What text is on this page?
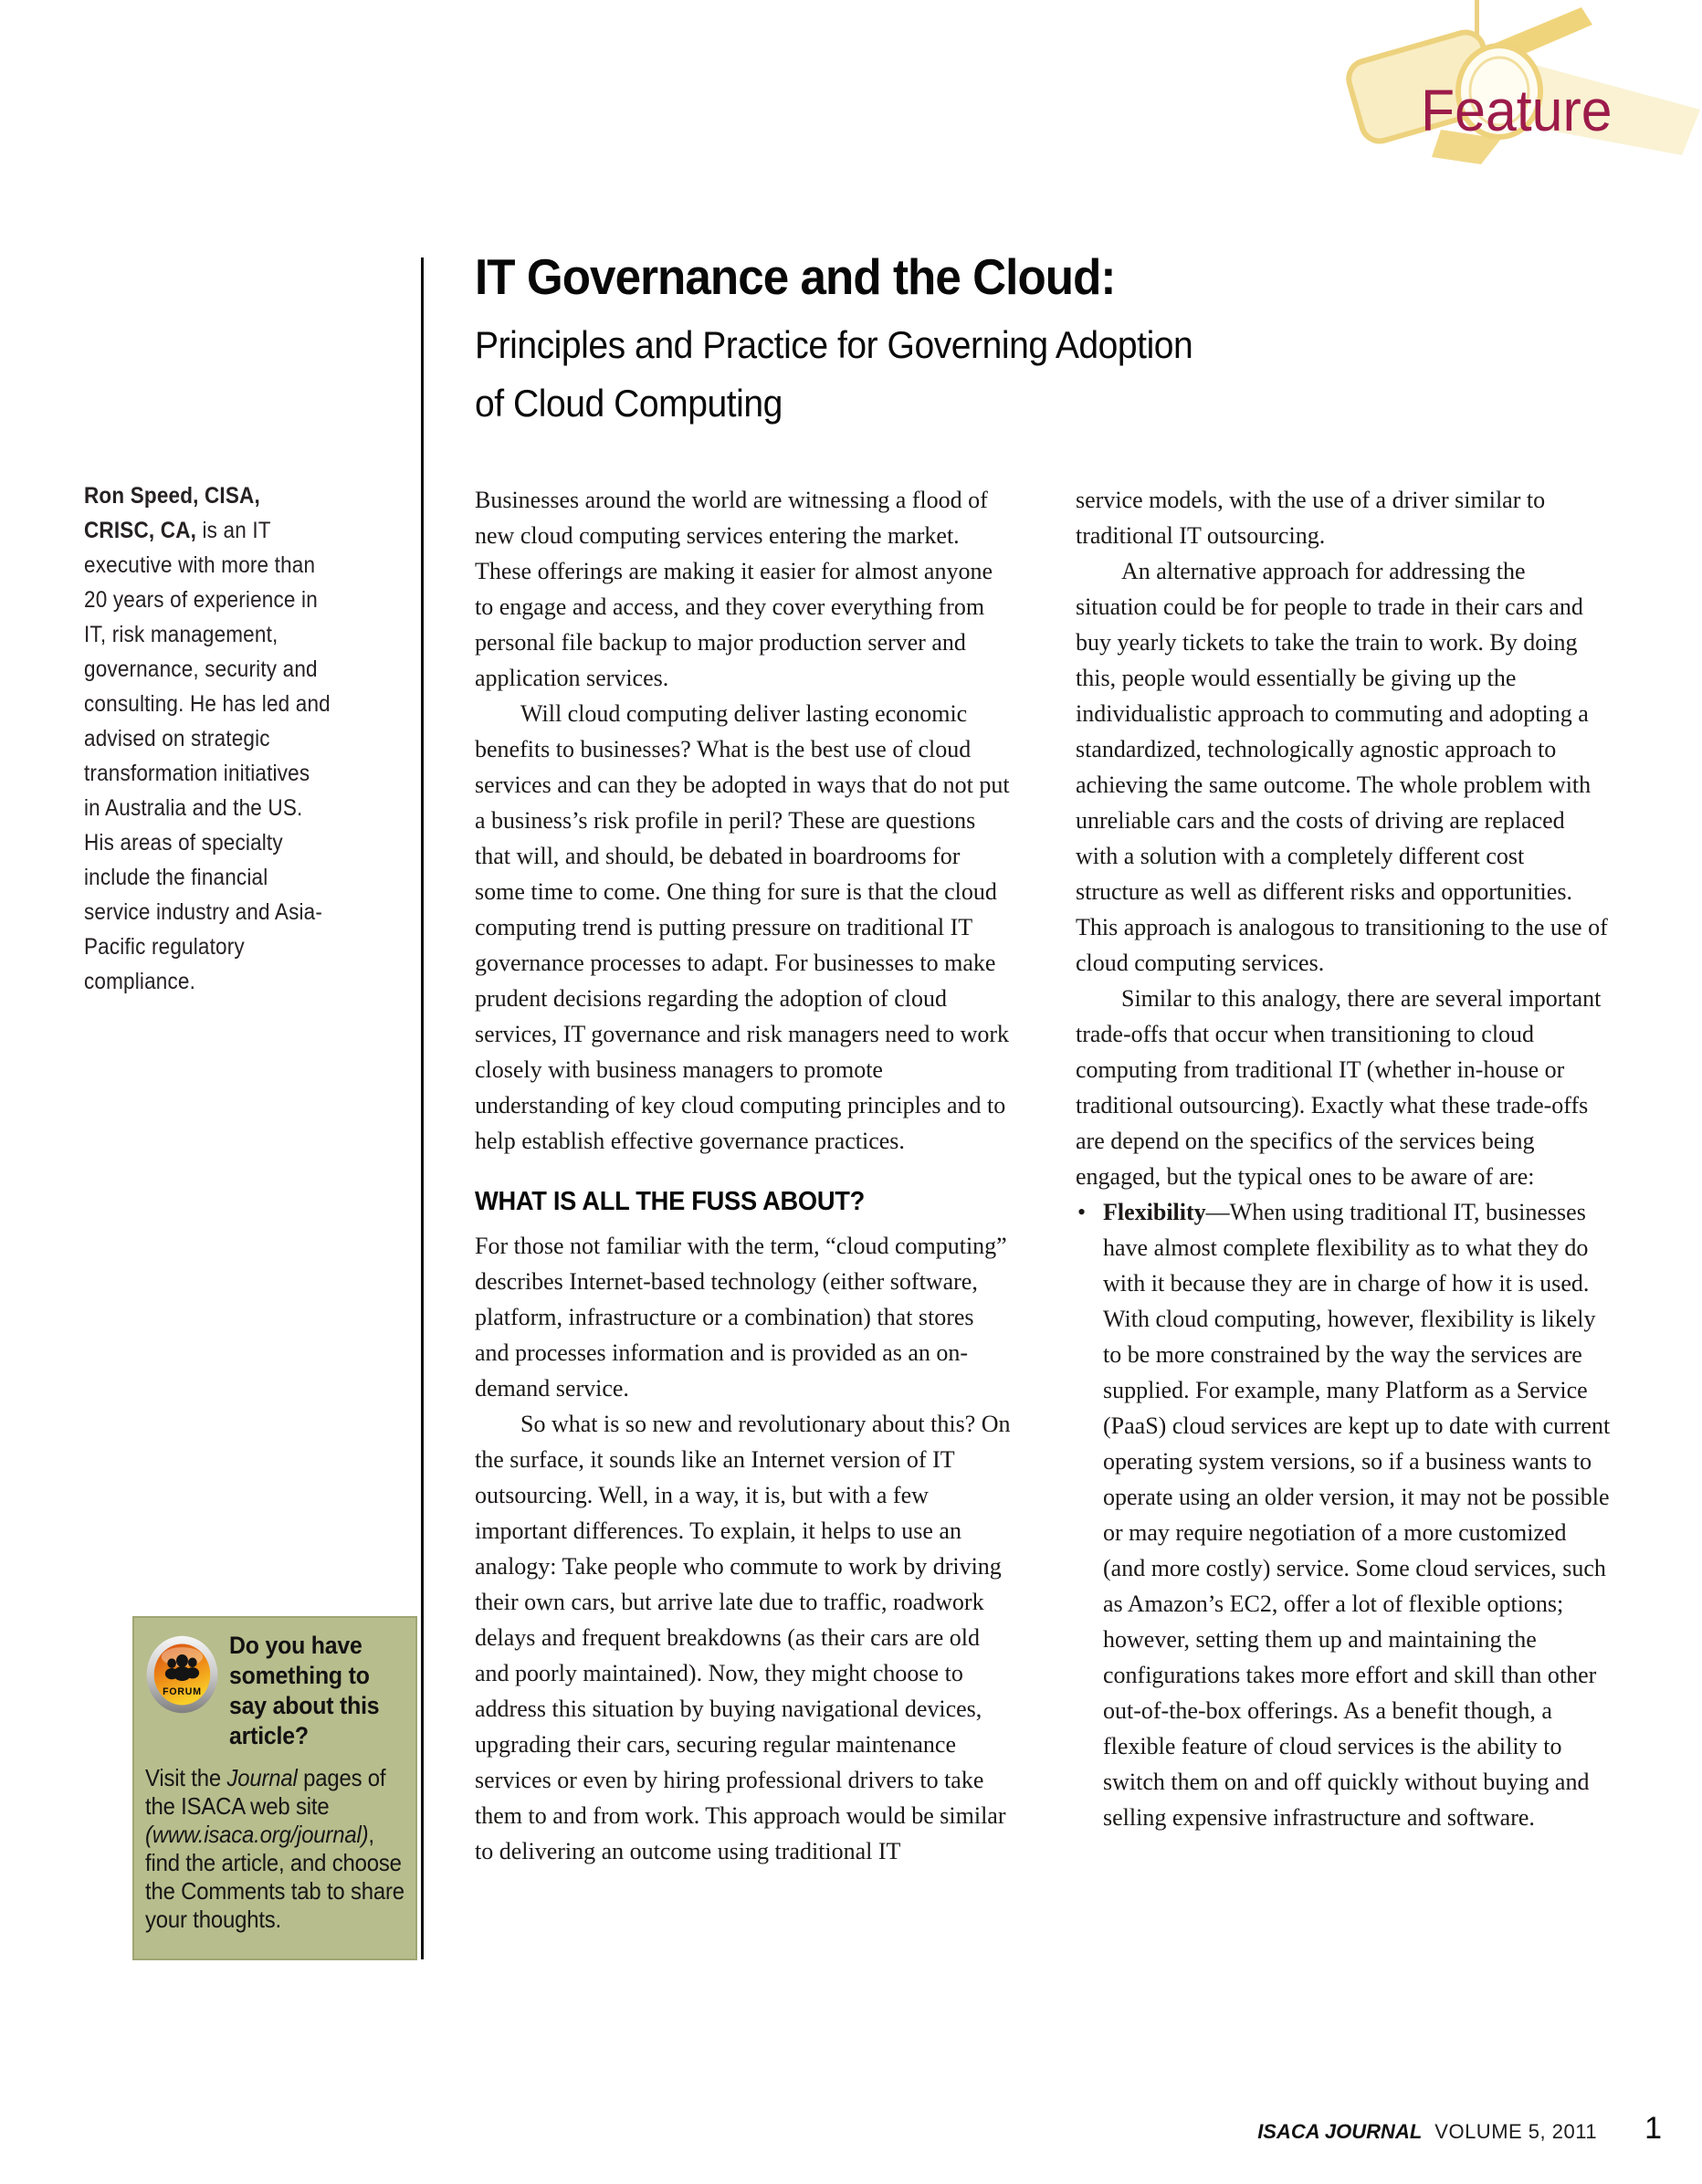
Feature
IT Governance and the Cloud:
Principles and Practice for Governing Adoption
of Cloud Computing
Ron Speed, CISA, CRISC, CA, is an IT executive with more than 20 years of experience in IT, risk management, governance, security and consulting. He has led and advised on strategic transformation initiatives in Australia and the US. His areas of specialty include the financial service industry and Asia-Pacific regulatory compliance.

Businesses around the world are witnessing a flood of new cloud computing services entering the market. These offerings are making it easier for almost anyone to engage and access, and they cover everything from personal file backup to major production server and application services.

Will cloud computing deliver lasting economic benefits to businesses? What is the best use of cloud services and can they be adopted in ways that do not put a business’s risk profile in peril? These are questions that will, and should, be debated in boardrooms for some time to come. One thing for sure is that the cloud computing trend is putting pressure on traditional IT governance processes to adapt. For businesses to make prudent decisions regarding the adoption of cloud services, IT governance and risk managers need to work closely with business managers to promote understanding of key cloud computing principles and to help establish effective governance practices.

WHAT IS ALL THE FUSS ABOUT?

For those not familiar with the term, “cloud computing” describes Internet-based technology (either software, platform, infrastructure or a combination) that stores and processes information and is provided as an on-demand service.

So what is so new and revolutionary about this? On the surface, it sounds like an Internet version of IT outsourcing. Well, in a way, it is, but with a few important differences. To explain, it helps to use an analogy: Take people who commute to work by driving their own cars, but arrive late due to traffic, roadwork delays and frequent breakdowns (as their cars are old and poorly maintained). Now, they might choose to address this situation by buying navigational devices, upgrading their cars, securing regular maintenance services or even by hiring professional drivers to take them to and from work. This approach would be similar to delivering an outcome using traditional IT

service models, with the use of a driver similar to traditional IT outsourcing.

An alternative approach for addressing the situation could be for people to trade in their cars and buy yearly tickets to take the train to work. By doing this, people would essentially be giving up the individualistic approach to commuting and adopting a standardized, technologically agnostic approach to achieving the same outcome. The whole problem with unreliable cars and the costs of driving are replaced with a solution with a completely different cost structure as well as different risks and opportunities. This approach is analogous to transitioning to the use of cloud computing services.

Similar to this analogy, there are several important trade-offs that occur when transitioning to cloud computing from traditional IT (whether in-house or traditional outsourcing). Exactly what these trade-offs are depend on the specifics of the services being engaged, but the typical ones to be aware of are:

• Flexibility—When using traditional IT, businesses have almost complete flexibility as to what they do with it because they are in charge of how it is used. With cloud computing, however, flexibility is likely to be more constrained by the way the services are supplied. For example, many Platform as a Service (PaaS) cloud services are kept up to date with current operating system versions, so if a business wants to operate using an older version, it may not be possible or may require negotiation of a more customized (and more costly) service. Some cloud services, such as Amazon’s EC2, offer a lot of flexible options; however, setting them up and maintaining the configurations takes more effort and skill than other out-of-the-box offerings. As a benefit though, a flexible feature of cloud services is the ability to switch them on and off quickly without buying and selling expensive infrastructure and software.
FORUM
Do you have something to say about this article?
Visit the Journal pages of the ISACA web site (www.isaca.org/journal), find the article, and choose the Comments tab to share your thoughts.
ISACA JOURNAL VOLUME 5, 2011 1
